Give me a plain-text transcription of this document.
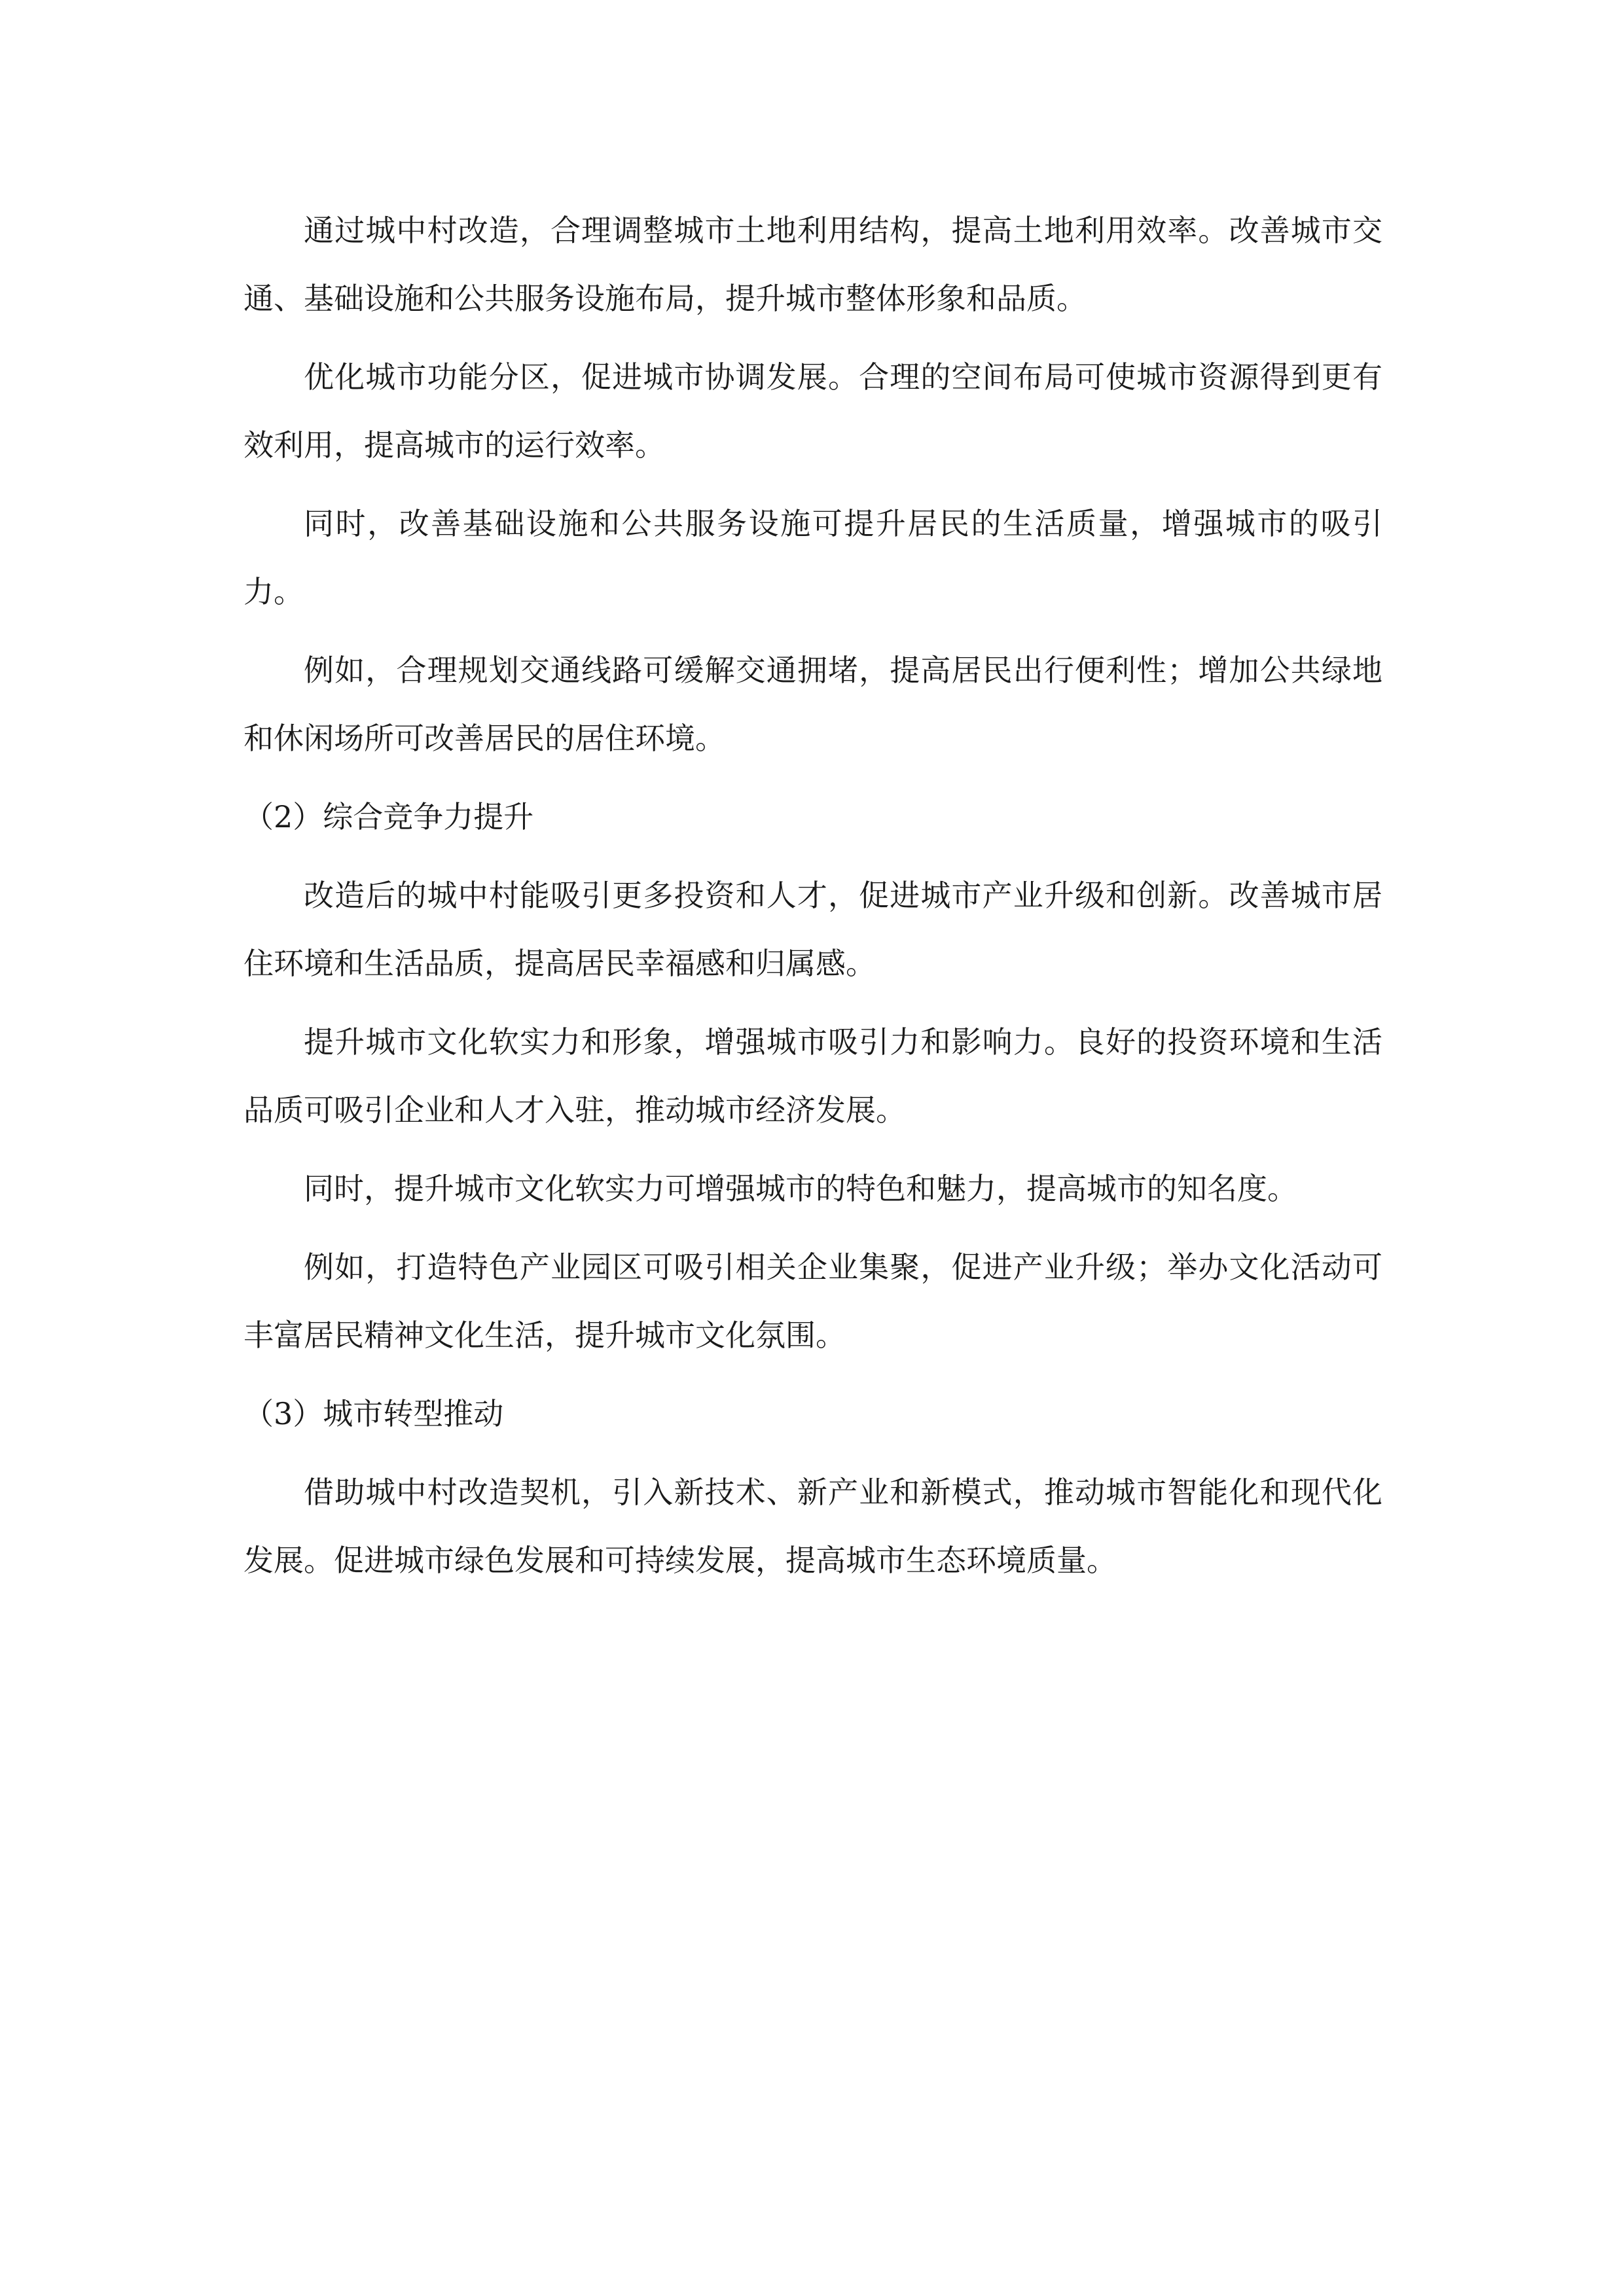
通过城中村改造，合理调整城市土地利用结构，提高土地利用效率。改善城市交通、基础设施和公共服务设施布局，提升城市整体形象和品质。

优化城市功能分区，促进城市协调发展。合理的空间布局可使城市资源得到更有效利用，提高城市的运行效率。

同时，改善基础设施和公共服务设施可提升居民的生活质量，增强城市的吸引力。

例如，合理规划交通线路可缓解交通拥堵，提高居民出行便利性；增加公共绿地和休闲场所可改善居民的居住环境。

（2）综合竞争力提升

改造后的城中村能吸引更多投资和人才，促进城市产业升级和创新。改善城市居住环境和生活品质，提高居民幸福感和归属感。

提升城市文化软实力和形象，增强城市吸引力和影响力。良好的投资环境和生活品质可吸引企业和人才入驻，推动城市经济发展。

同时，提升城市文化软实力可增强城市的特色和魅力，提高城市的知名度。

例如，打造特色产业园区可吸引相关企业集聚，促进产业升级；举办文化活动可丰富居民精神文化生活，提升城市文化氛围。

（3）城市转型推动

借助城中村改造契机，引入新技术、新产业和新模式，推动城市智能化和现代化发展。促进城市绿色发展和可持续发展，提高城市生态环境质量。
